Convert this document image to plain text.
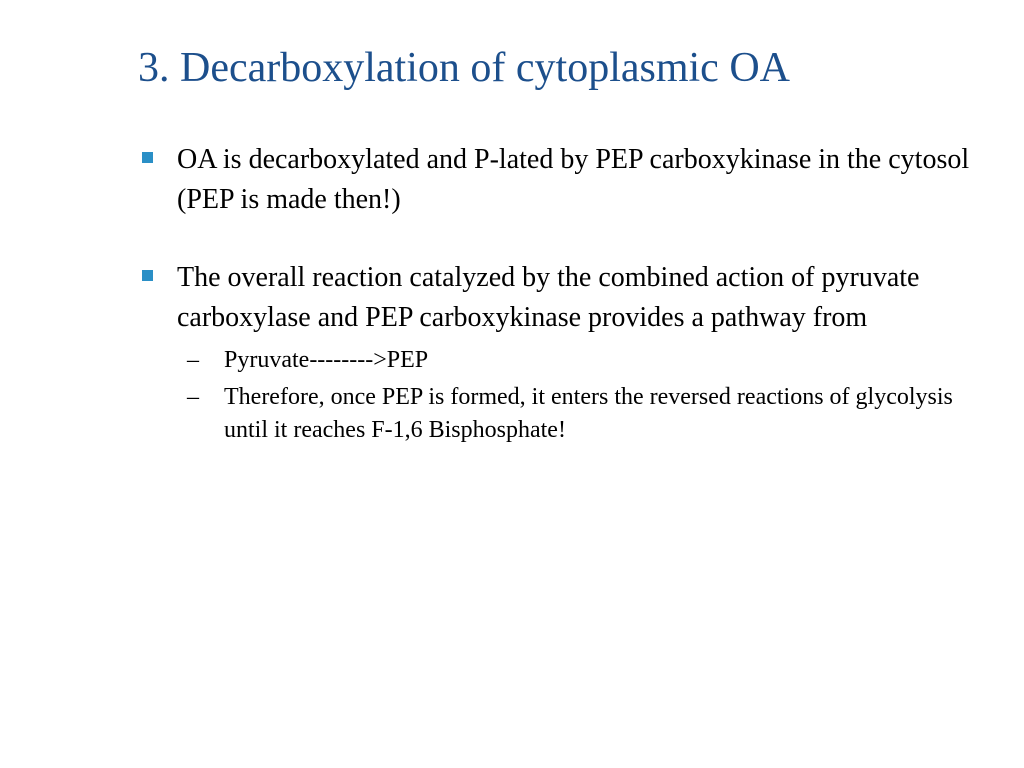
3. Decarboxylation of cytoplasmic OA
OA is decarboxylated and P-lated by PEP carboxykinase in the cytosol (PEP is made then!)
The overall reaction catalyzed by the combined action of pyruvate carboxylase and PEP carboxykinase provides a pathway from
– Pyruvate-------->PEP
– Therefore, once PEP is formed, it enters the reversed reactions of glycolysis until it reaches F-1,6 Bisphosphate!
